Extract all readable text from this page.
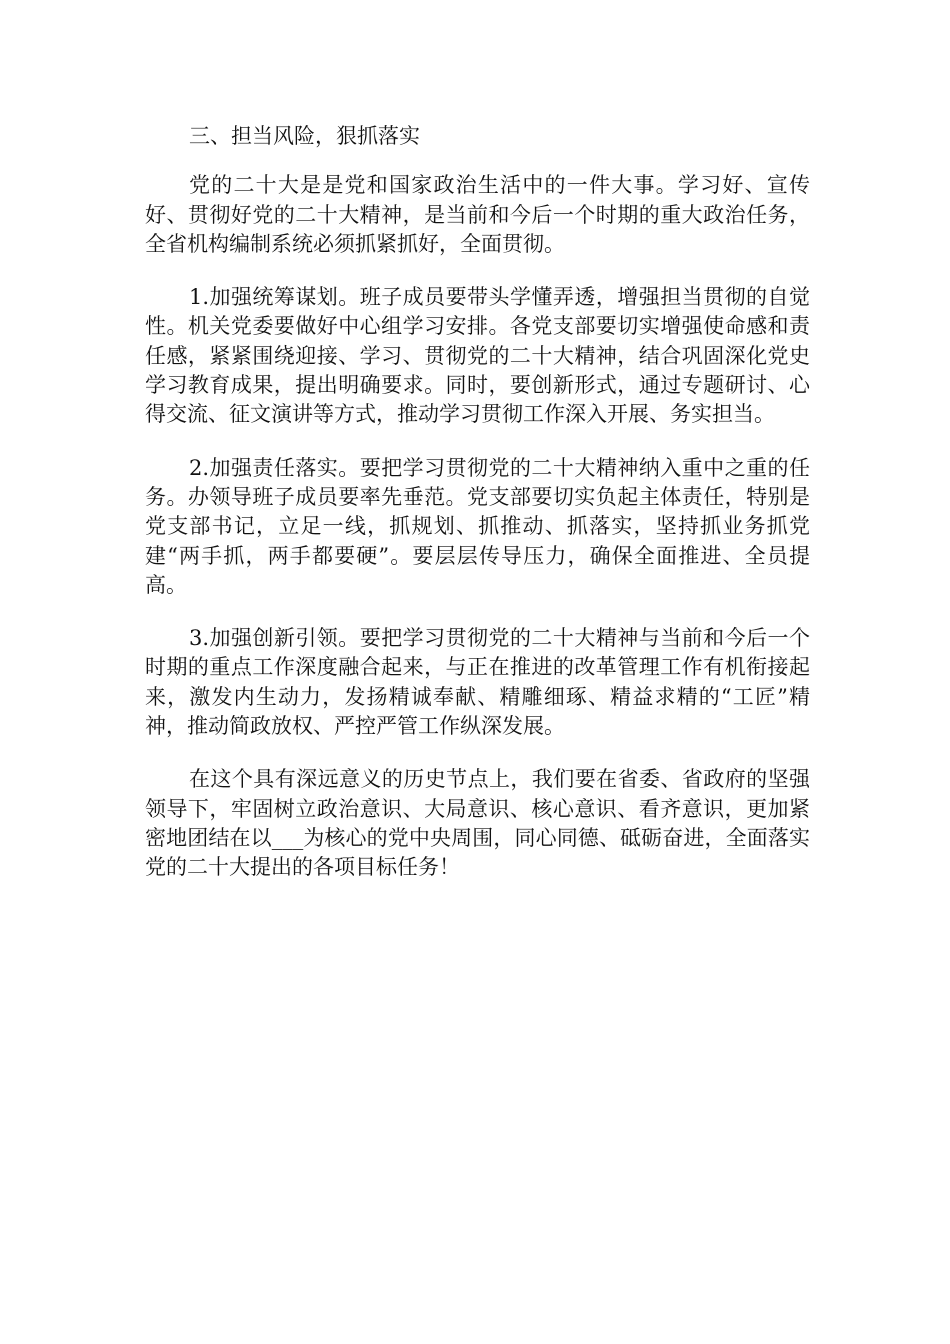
三、担当风险，狠抓落实

党的二十大是是党和国家政治生活中的一件大事。学习好、宣传好、贯彻好党的二十大精神，是当前和今后一个时期的重大政治任务，全省机构编制系统必须抓紧抓好，全面贯彻。

1.加强统筹谋划。班子成员要带头学懂弄透，增强担当贯彻的自觉性。机关党委要做好中心组学习安排。各党支部要切实增强使命感和责任感，紧紧围绕迎接、学习、贯彻党的二十大精神，结合巩固深化党史学习教育成果，提出明确要求。同时，要创新形式，通过专题研讨、心得交流、征文演讲等方式，推动学习贯彻工作深入开展、务实担当。

2.加强责任落实。要把学习贯彻党的二十大精神纳入重中之重的任务。办领导班子成员要率先垂范。党支部要切实负起主体责任，特别是党支部书记，立足一线，抓规划、抓推动、抓落实，坚持抓业务抓党建“两手抓，两手都要硬”。要层层传导压力，确保全面推进、全员提高。

3.加强创新引领。要把学习贯彻党的二十大精神与当前和今后一个时期的重点工作深度融合起来，与正在推进的改革管理工作有机衔接起来，激发内生动力，发扬精诚奉献、精雕细琢、精益求精的“工匠”精神，推动简政放权、严控严管工作纵深发展。

在这个具有深远意义的历史节点上，我们要在省委、省政府的坚强领导下，牢固树立政治意识、大局意识、核心意识、看齐意识，更加紧密地团结在以___为核心的党中央周围，同心同德、砥砺奋进，全面落实党的二十大提出的各项目标任务！
